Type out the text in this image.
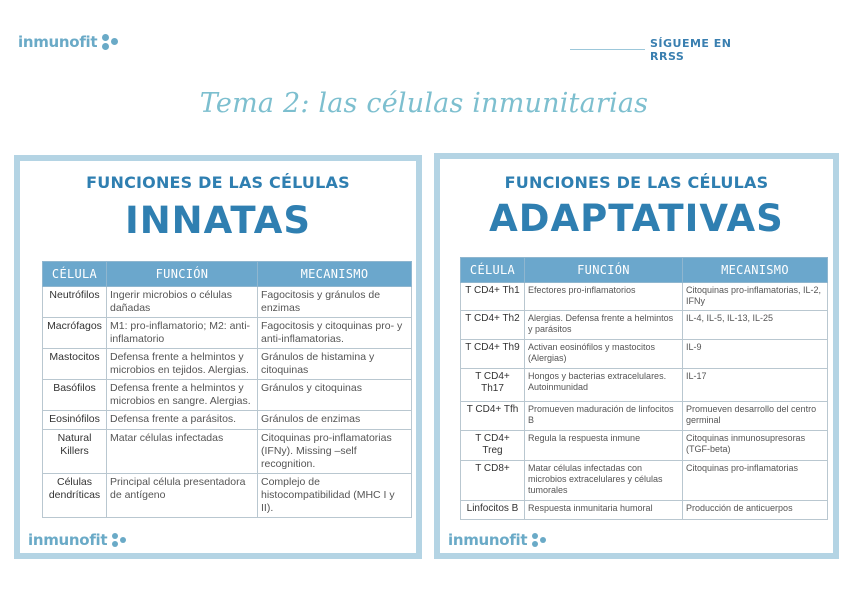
inmunofit	SÍGUEME EN RRSS
Tema 2: las células inmunitarias
FUNCIONES DE LAS CÉLULAS
INNATAS
CÉLULA	FUNCIÓN	MECANISMO
Neutrófilos	Ingerir microbios o células dañadas	Fagocitosis y gránulos de enzimas
Macrófagos	M1: pro-inflamatorio; M2: anti-inflamatorio	Fagocitosis y citoquinas pro- y anti-inflamatorias.
Mastocitos	Defensa frente a helmintos y microbios en tejidos. Alergias.	Gránulos de histamina y citoquinas
Basófilos	Defensa frente a helmintos y microbios en sangre. Alergias.	Gránulos y citoquinas
Eosinófilos	Defensa frente a parásitos.	Gránulos de enzimas
Natural Killers	Matar células infectadas	Citoquinas pro-inflamatorias (IFNy). Missing –self recognition.
Células dendríticas	Principal célula presentadora de antígeno	Complejo de histocompatibilidad (MHC I y II).
inmunofit
FUNCIONES DE LAS CÉLULAS
ADAPTATIVAS
CÉLULA	FUNCIÓN	MECANISMO
T CD4+ Th1	Efectores pro-inflamatorios	Citoquinas pro-inflamatorias, IL-2, IFNy
T CD4+ Th2	Alergias. Defensa frente a helmintos y parásitos	IL-4, IL-5, IL-13, IL-25
T CD4+ Th9	Activan eosinófilos y mastocitos (Alergias)	IL-9
T CD4+ Th17	Hongos y bacterias extracelulares. Autoinmunidad	IL-17
T CD4+ Tfh	Promueven maduración de linfocitos B	Promueven desarrollo del centro germinal
T CD4+ Treg	Regula la respuesta inmune	Citoquinas inmunosupresoras (TGF-beta)
T CD8+	Matar células infectadas con microbios extracelulares y células tumorales	Citoquinas pro-inflamatorias
Linfocitos B	Respuesta inmunitaria humoral	Producción de anticuerpos
inmunofit
